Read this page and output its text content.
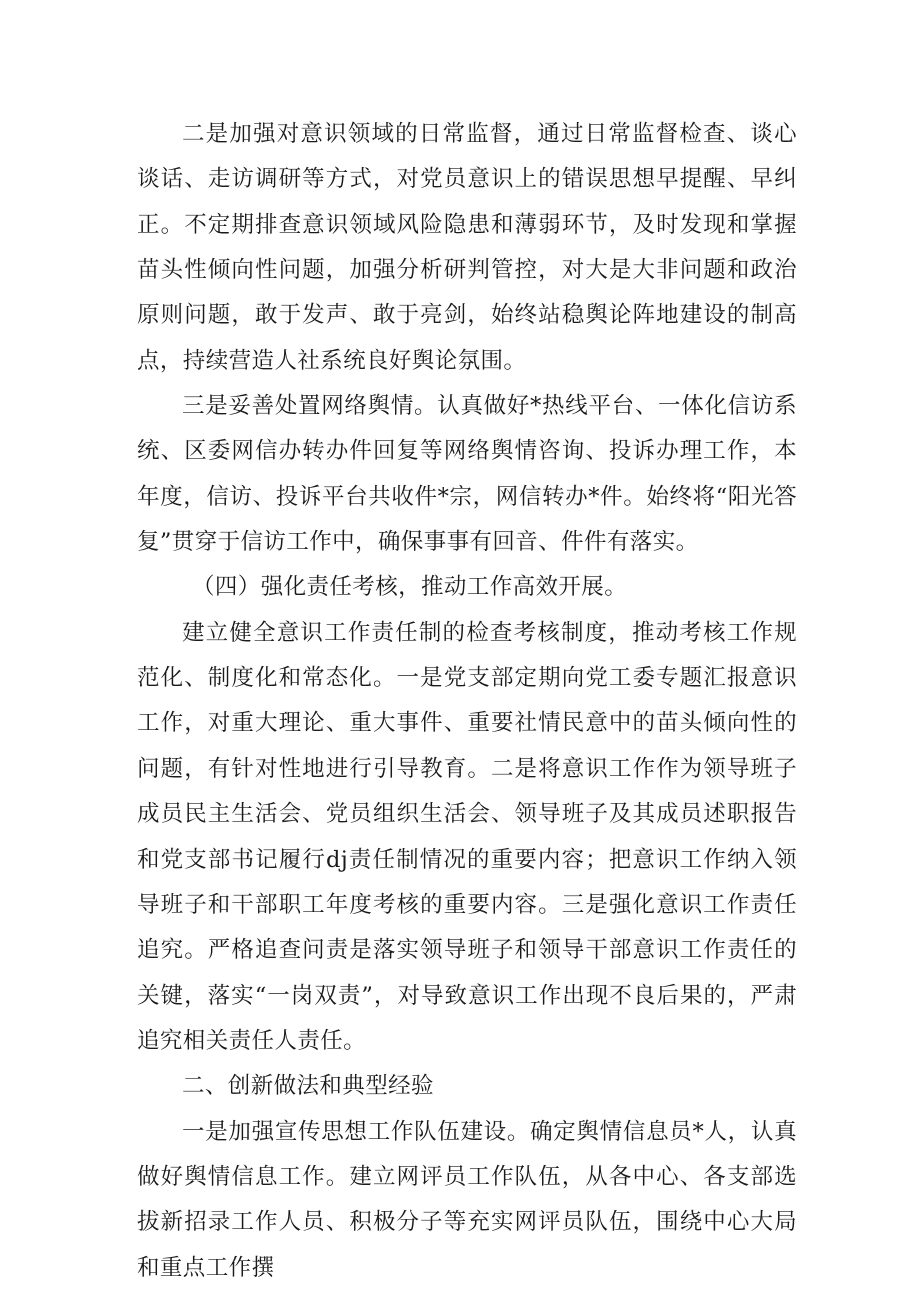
二是加强对意识领域的日常监督，通过日常监督检查、谈心谈话、走访调研等方式，对党员意识上的错误思想早提醒、早纠正。不定期排查意识领域风险隐患和薄弱环节，及时发现和掌握苗头性倾向性问题，加强分析研判管控，对大是大非问题和政治原则问题，敢于发声、敢于亮剑，始终站稳舆论阵地建设的制高点，持续营造人社系统良好舆论氛围。

三是妥善处置网络舆情。认真做好*热线平台、一体化信访系统、区委网信办转办件回复等网络舆情咨询、投诉办理工作，本年度，信访、投诉平台共收件*宗，网信转办*件。始终将“阳光答复”贯穿于信访工作中，确保事事有回音、件件有落实。

（四）强化责任考核，推动工作高效开展。

建立健全意识工作责任制的检查考核制度，推动考核工作规范化、制度化和常态化。一是党支部定期向党工委专题汇报意识工作，对重大理论、重大事件、重要社情民意中的苗头倾向性的问题，有针对性地进行引导教育。二是将意识工作作为领导班子成员民主生活会、党员组织生活会、领导班子及其成员述职报告和党支部书记履行dj责任制情况的重要内容；把意识工作纳入领导班子和干部职工年度考核的重要内容。三是强化意识工作责任追究。严格追查问责是落实领导班子和领导干部意识工作责任的关键，落实“一岗双责”，对导致意识工作出现不良后果的，严肃追究相关责任人责任。

二、创新做法和典型经验

一是加强宣传思想工作队伍建设。确定舆情信息员*人，认真做好舆情信息工作。建立网评员工作队伍，从各中心、各支部选拔新招录工作人员、积极分子等充实网评员队伍，围绕中心大局和重点工作撰
